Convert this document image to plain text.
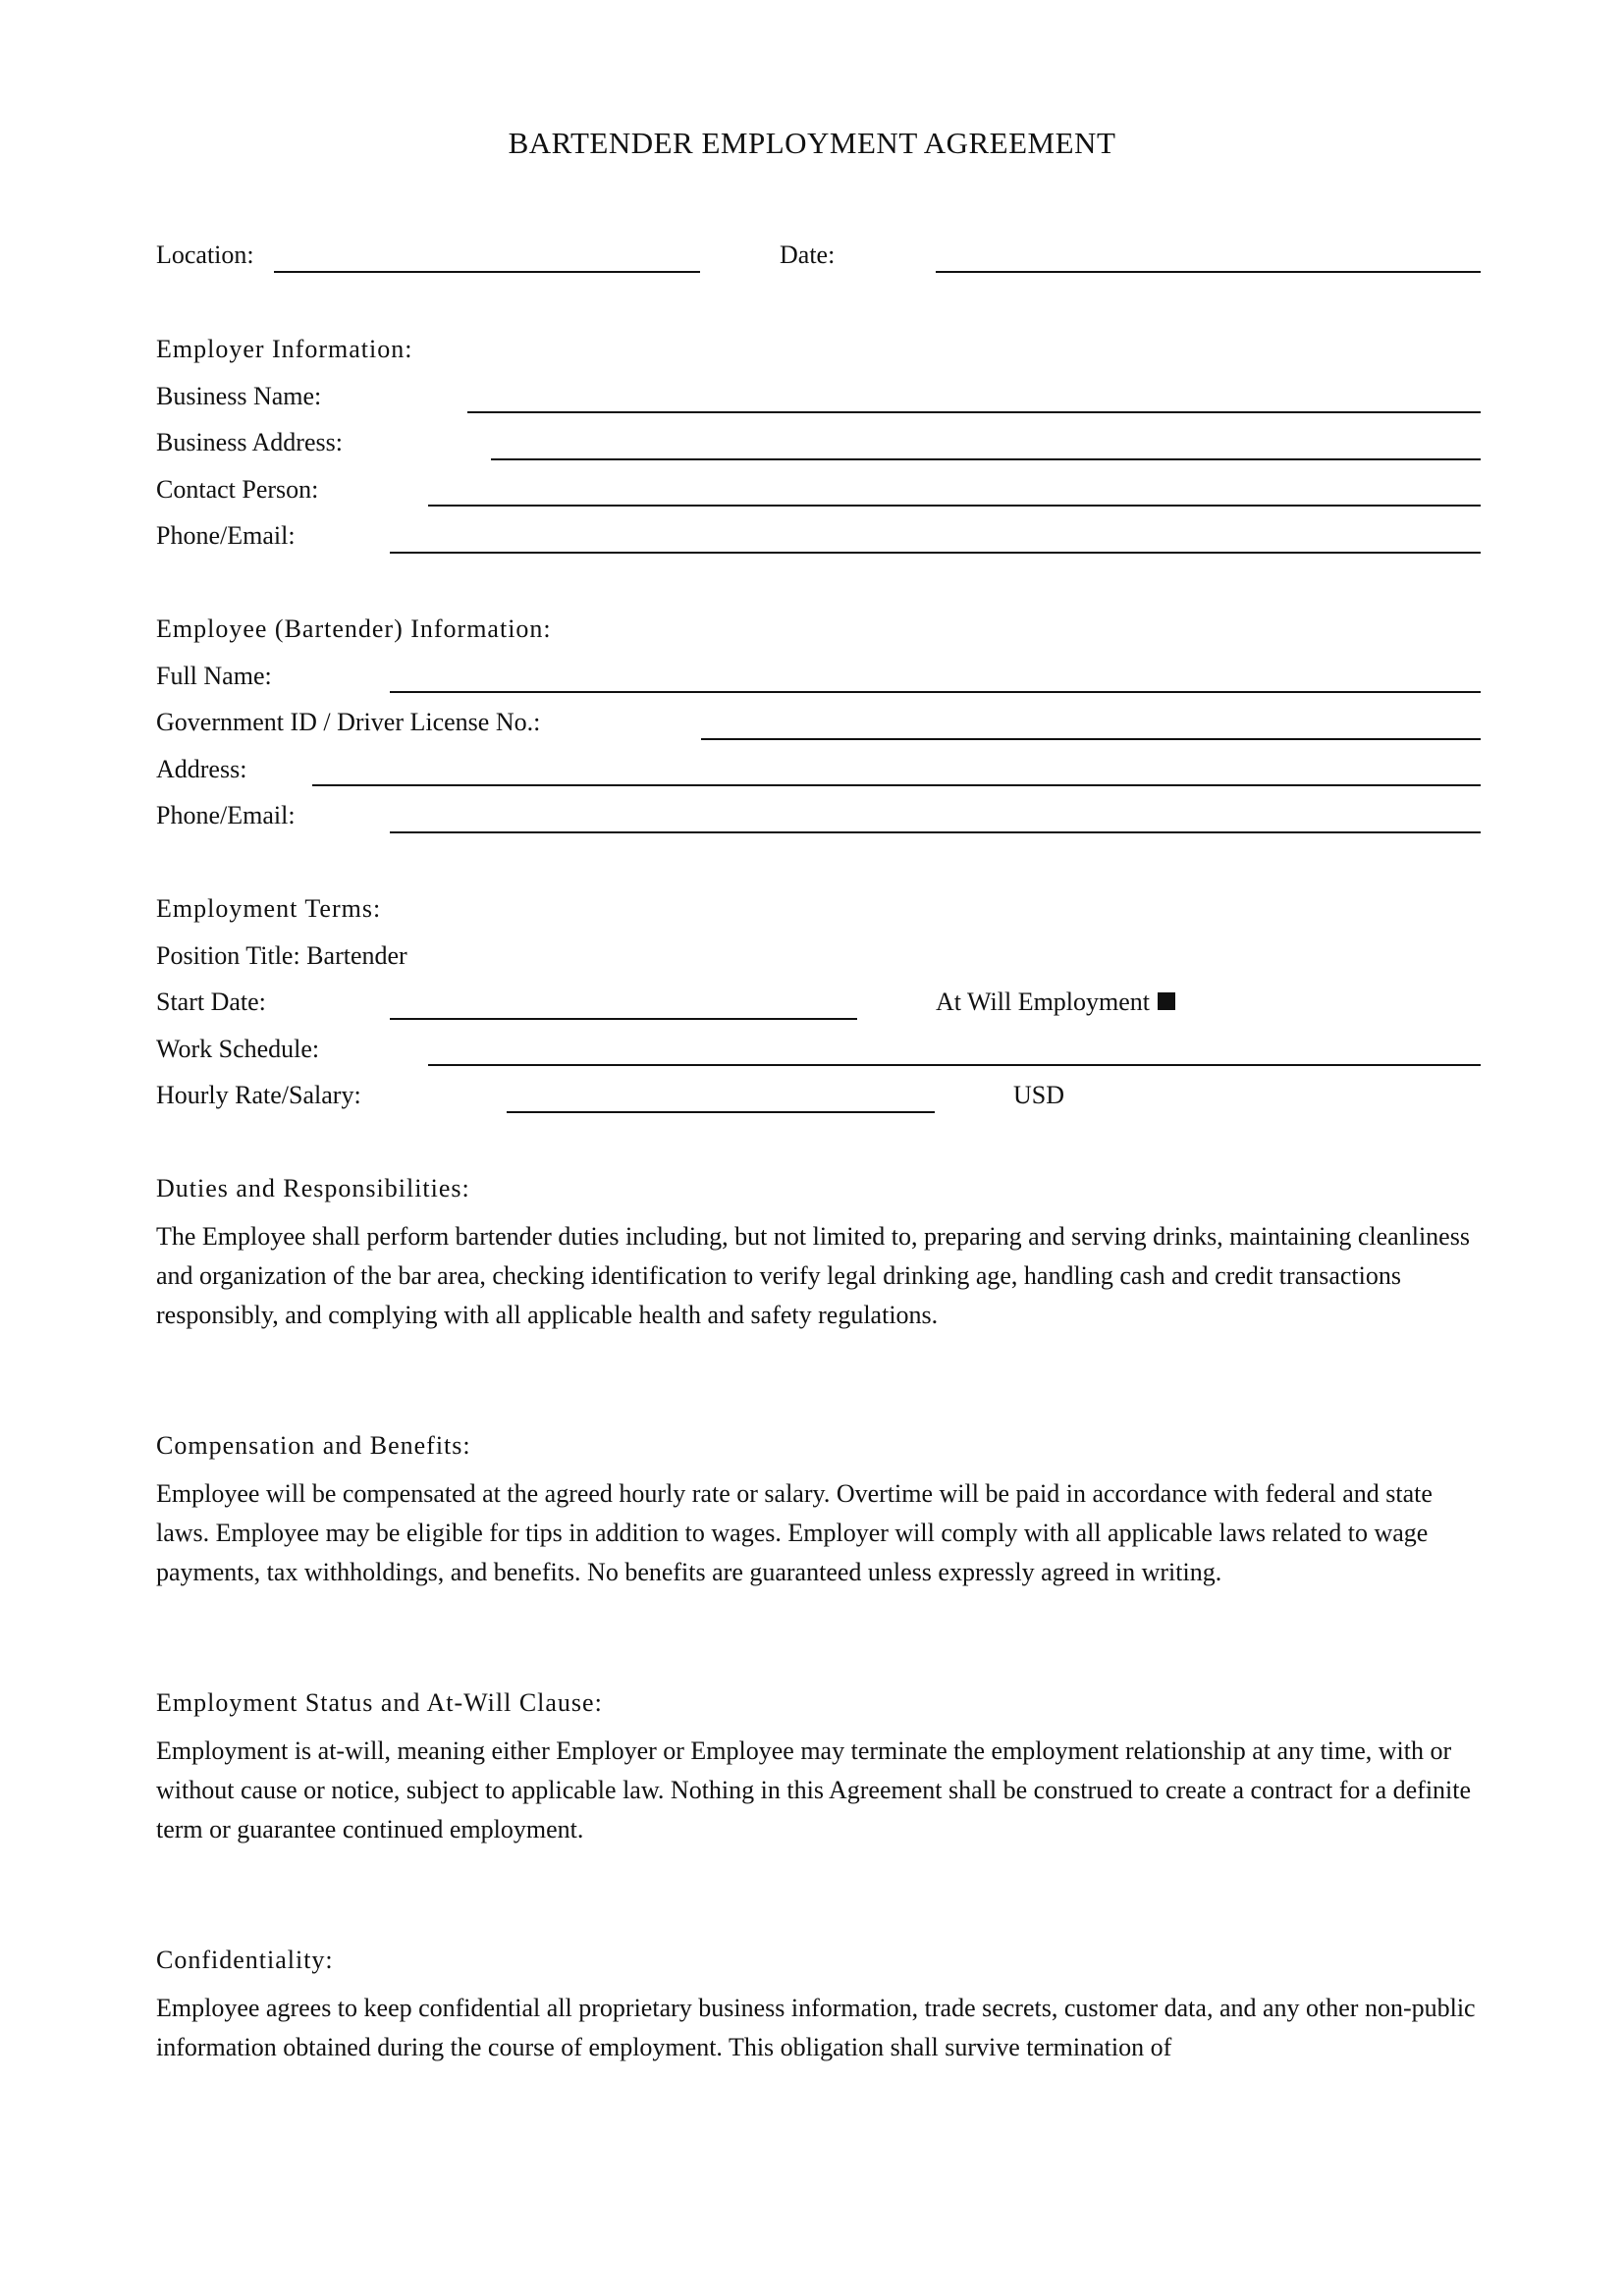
BARTENDER EMPLOYMENT AGREEMENT
Location:	Date:
Employer Information:
Business Name:
Business Address:
Contact Person:
Phone/Email:
Employee (Bartender) Information:
Full Name:
Government ID / Driver License No.:
Address:
Phone/Email:
Employment Terms:
Position Title: Bartender
Start Date:	At Will Employment
Work Schedule:
Hourly Rate/Salary:	USD
Duties and Responsibilities:
The Employee shall perform bartender duties including, but not limited to, preparing and serving drinks, maintaining cleanliness and organization of the bar area, checking identification to verify legal drinking age, handling cash and credit transactions responsibly, and complying with all applicable health and safety regulations.
Compensation and Benefits:
Employee will be compensated at the agreed hourly rate or salary. Overtime will be paid in accordance with federal and state laws. Employee may be eligible for tips in addition to wages. Employer will comply with all applicable laws related to wage payments, tax withholdings, and benefits. No benefits are guaranteed unless expressly agreed in writing.
Employment Status and At-Will Clause:
Employment is at-will, meaning either Employer or Employee may terminate the employment relationship at any time, with or without cause or notice, subject to applicable law. Nothing in this Agreement shall be construed to create a contract for a definite term or guarantee continued employment.
Confidentiality:
Employee agrees to keep confidential all proprietary business information, trade secrets, customer data, and any other non-public information obtained during the course of employment. This obligation shall survive termination of
